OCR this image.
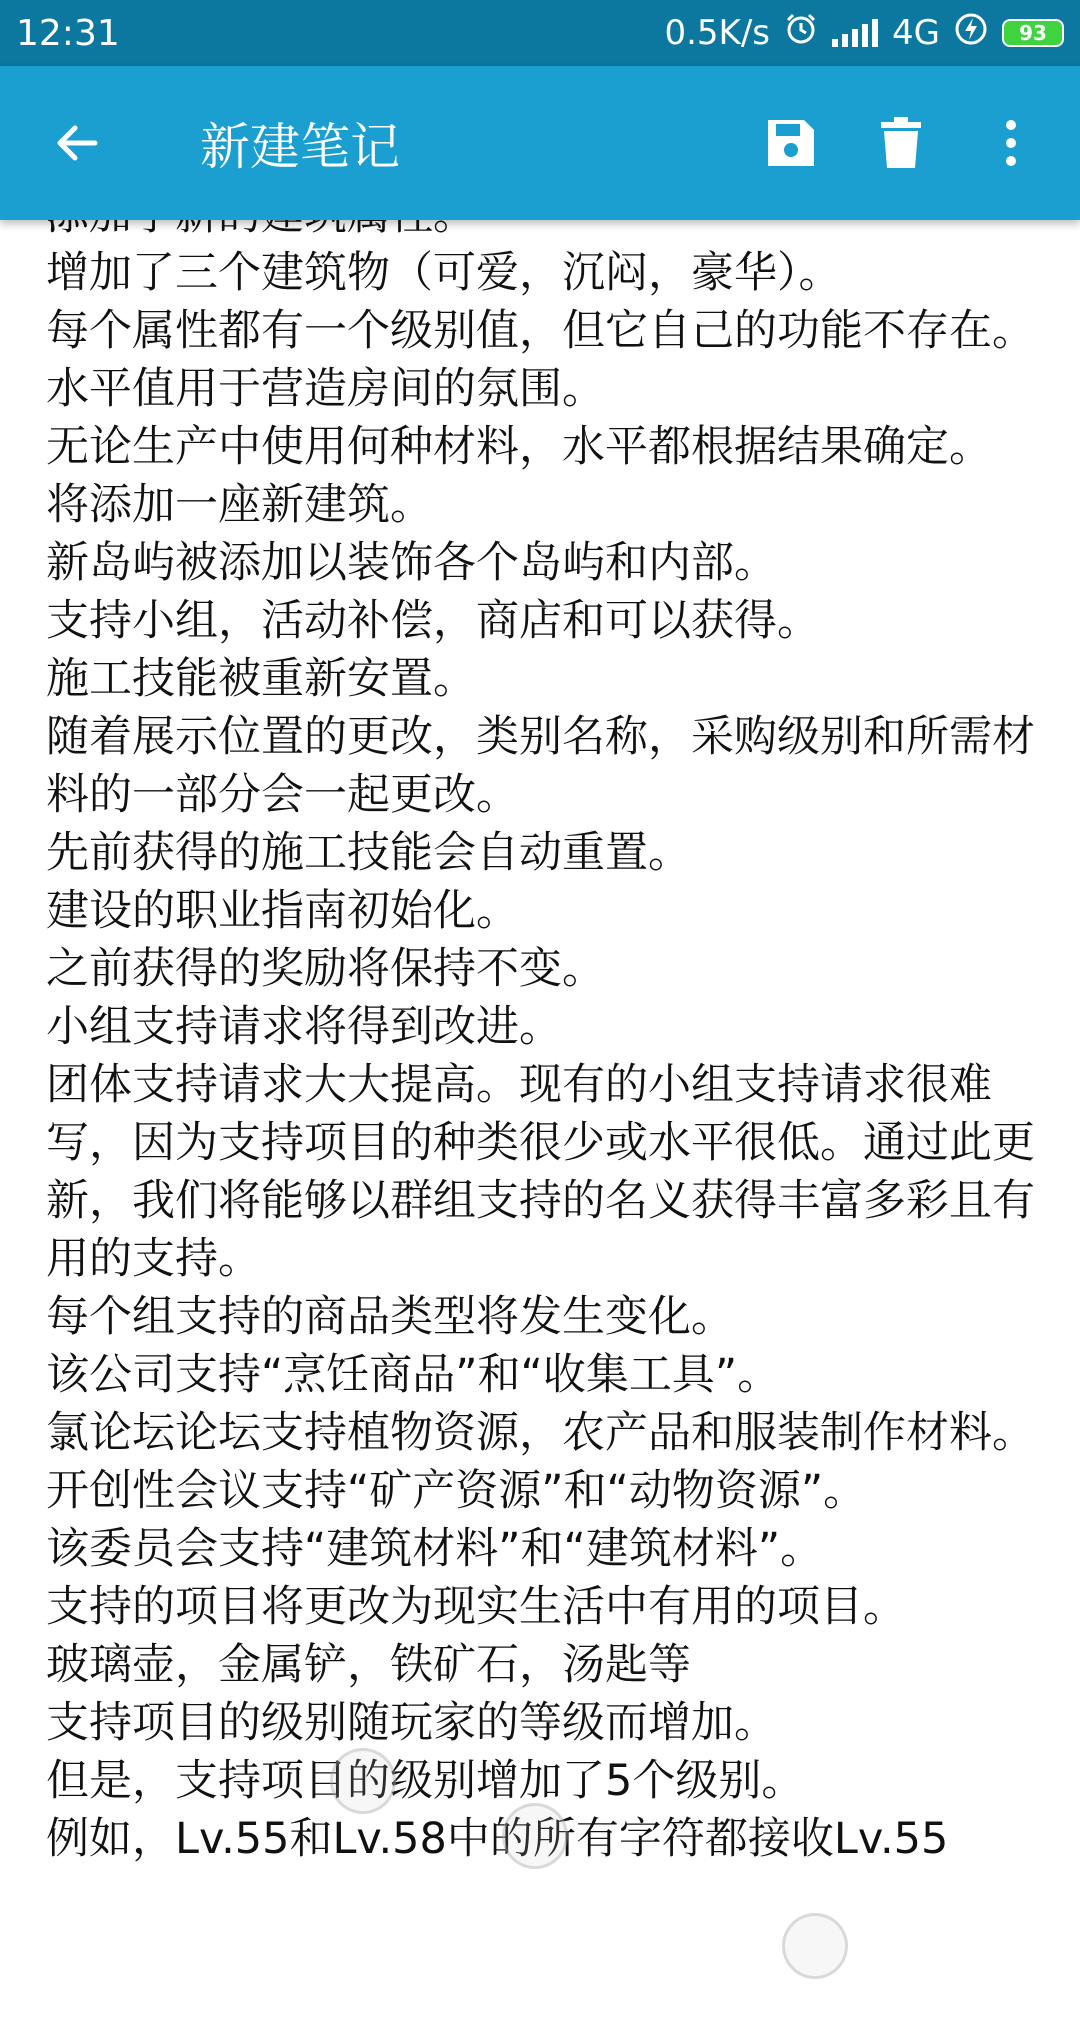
12:31	0.5K/s	4G	93
新建笔记

增加了三个建筑物（可爱，沉闷，豪华）。
每个属性都有一个级别值，但它自己的功能不存在。
水平值用于营造房间的氛围。
无论生产中使用何种材料，水平都根据结果确定。
将添加一座新建筑。
新岛屿被添加以装饰各个岛屿和内部。
支持小组，活动补偿，商店和可以获得。
施工技能被重新安置。
随着展示位置的更改，类别名称，采购级别和所需材料的一部分会一起更改。
先前获得的施工技能会自动重置。
建设的职业指南初始化。
之前获得的奖励将保持不变。
小组支持请求将得到改进。
团体支持请求大大提高。现有的小组支持请求很难写，因为支持项目的种类很少或水平很低。通过此更新，我们将能够以群组支持的名义获得丰富多彩且有用的支持。
每个组支持的商品类型将发生变化。
该公司支持“烹饪商品”和“收集工具”。
氯论坛论坛支持植物资源，农产品和服装制作材料。
开创性会议支持“矿产资源”和“动物资源”。
该委员会支持“建筑材料”和“建筑材料”。
支持的项目将更改为现实生活中有用的项目。
玻璃壶，金属铲，铁矿石，汤匙等
支持项目的级别随玩家的等级而增加。
但是，支持项目的级别增加了5个级别。
例如，Lv.55和Lv.58中的所有字符都接收Lv.55
